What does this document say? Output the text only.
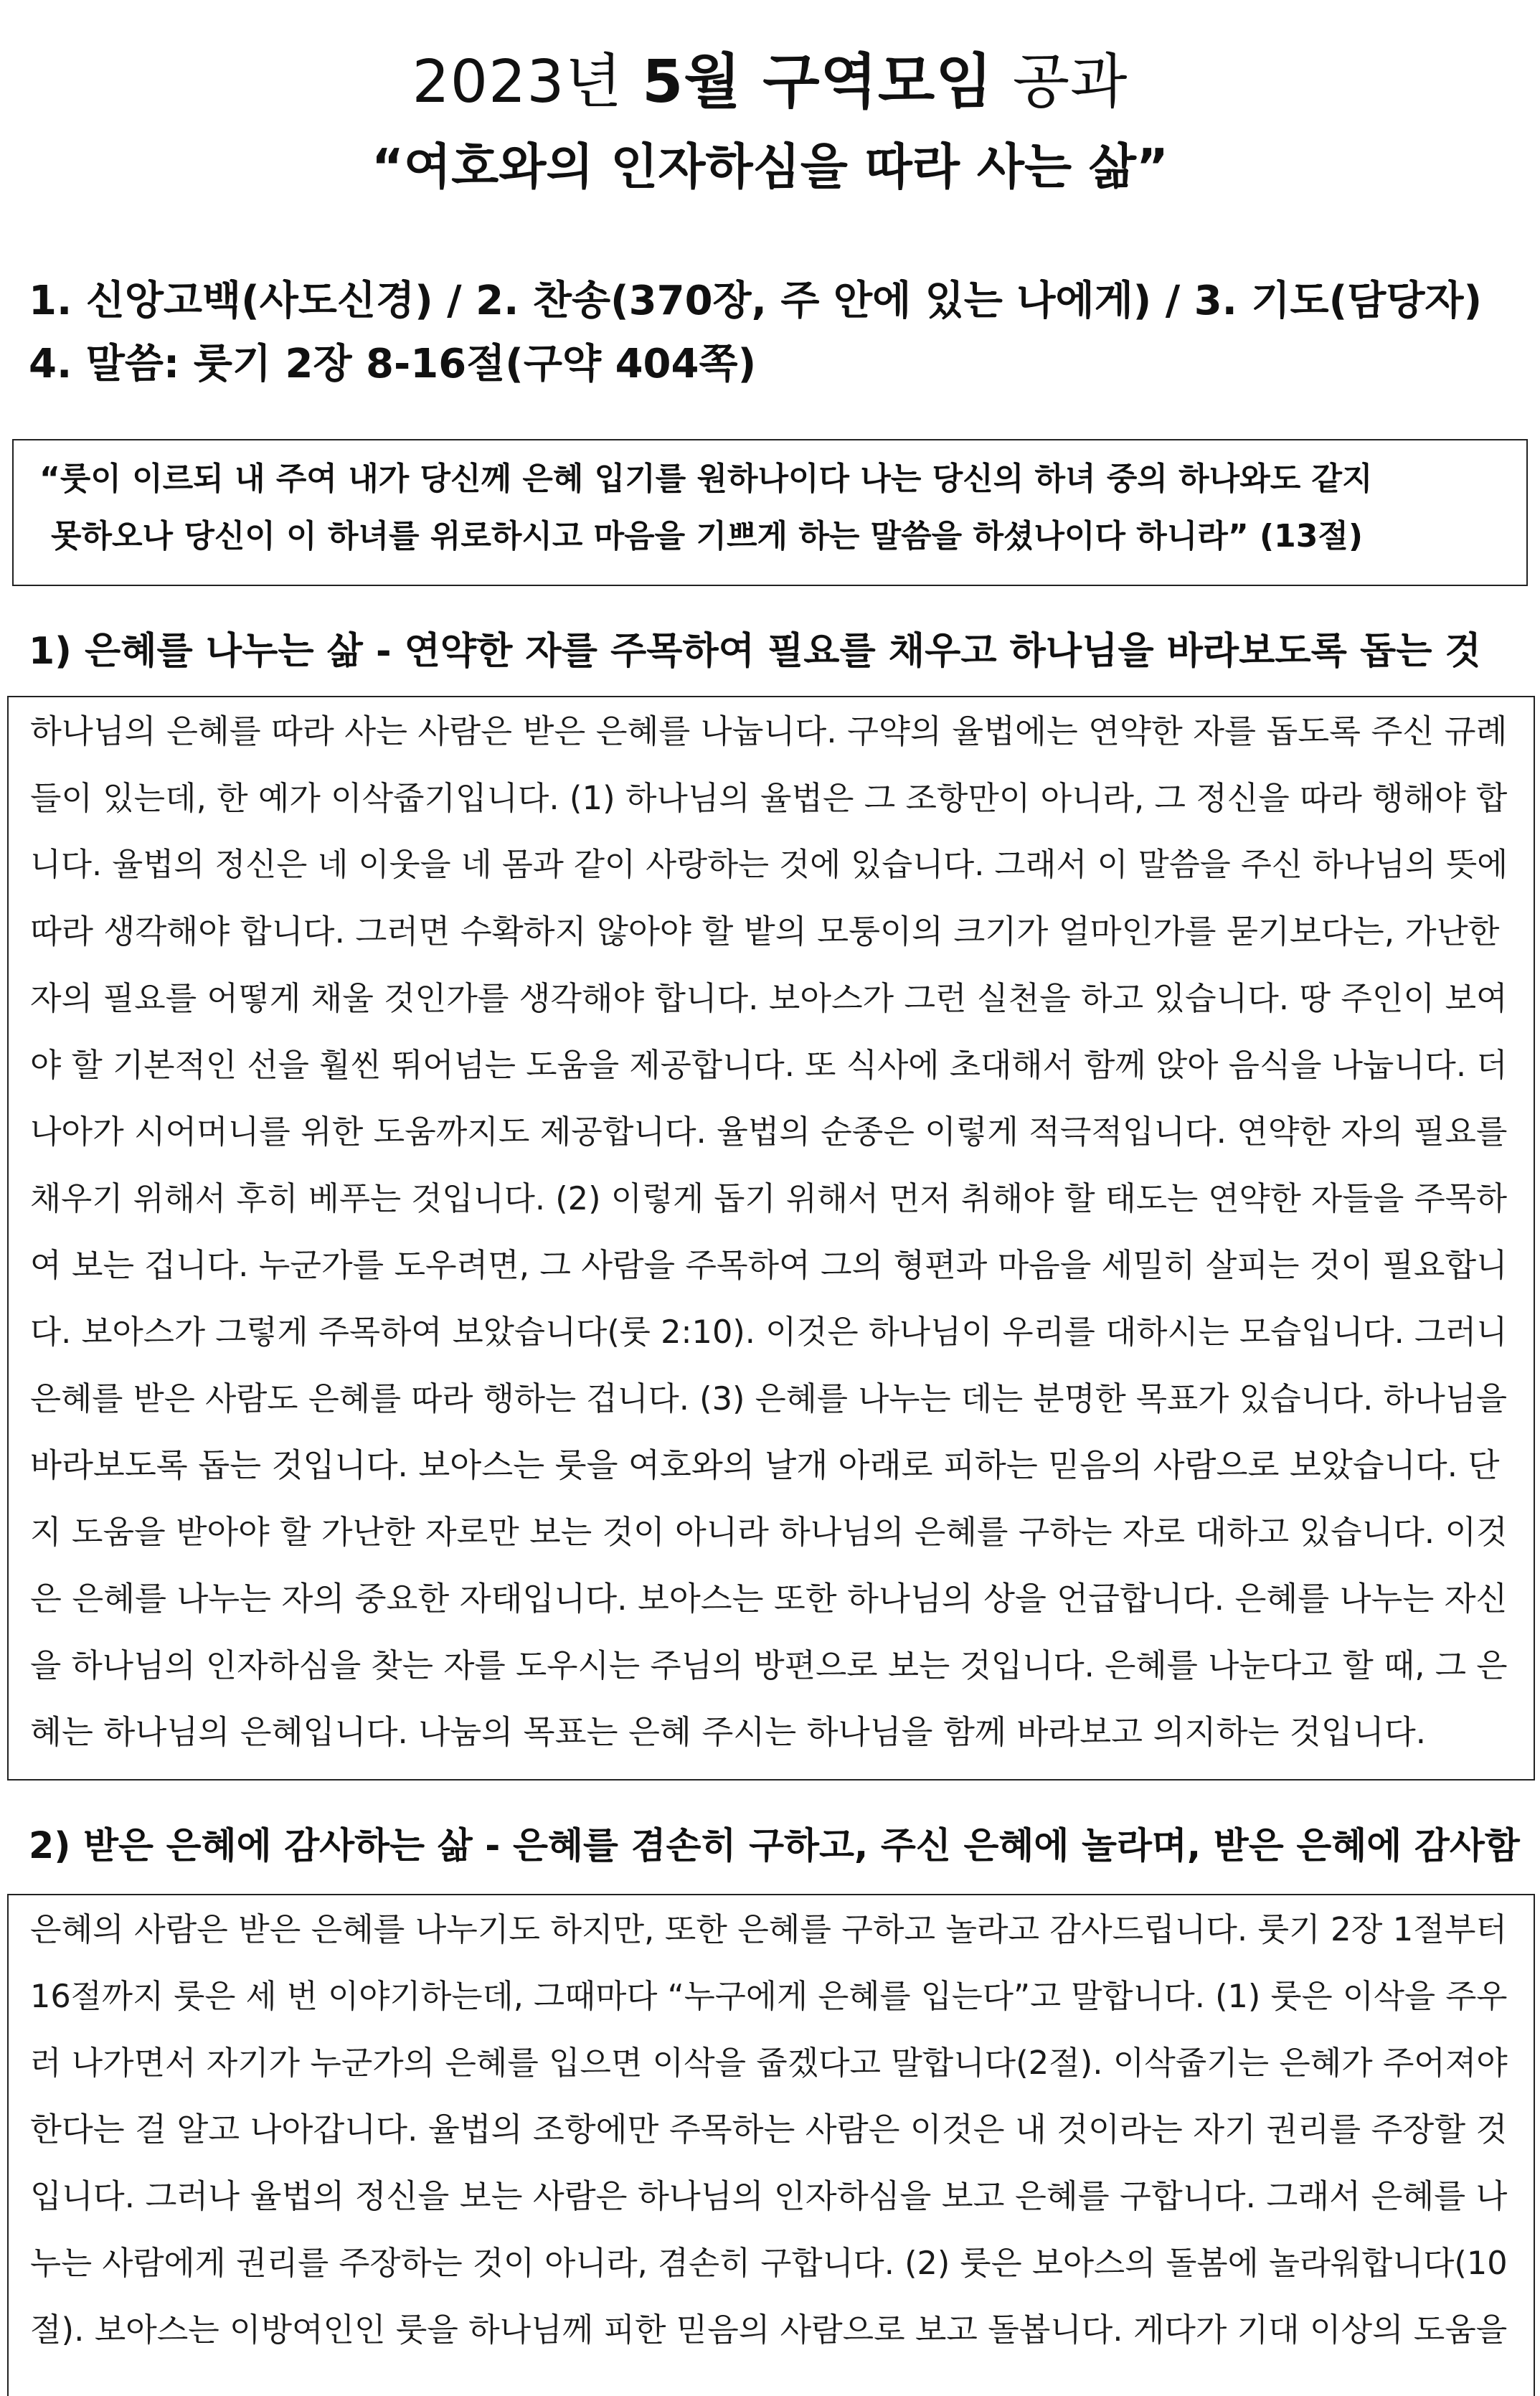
2023년 5월 구역모임 공과
“여호와의 인자하심을 따라 사는 삶”
1. 신앙고백(사도신경) / 2. 찬송(370장, 주 안에 있는 나에게) / 3. 기도(담당자)
4. 말씀: 룻기 2장 8-16절(구약 404쪽)
“룻이 이르되 내 주여 내가 당신께 은혜 입기를 원하나이다 나는 당신의 하녀 중의 하나와도 같지
못하오나 당신이 이 하녀를 위로하시고 마음을 기쁘게 하는 말씀을 하셨나이다 하니라” (13절)
1) 은혜를 나누는 삶 - 연약한 자를 주목하여 필요를 채우고 하나님을 바라보도록 돕는 것
하나님의 은혜를 따라 사는 사람은 받은 은혜를 나눕니다. 구약의 율법에는 연약한 자를 돕도록 주신 규례
들이 있는데, 한 예가 이삭줍기입니다. (1) 하나님의 율법은 그 조항만이 아니라, 그 정신을 따라 행해야 합
니다. 율법의 정신은 네 이웃을 네 몸과 같이 사랑하는 것에 있습니다. 그래서 이 말씀을 주신 하나님의 뜻에
따라 생각해야 합니다. 그러면 수확하지 않아야 할 밭의 모퉁이의 크기가 얼마인가를 묻기보다는, 가난한
자의 필요를 어떻게 채울 것인가를 생각해야 합니다. 보아스가 그런 실천을 하고 있습니다. 땅 주인이 보여
야 할 기본적인 선을 훨씬 뛰어넘는 도움을 제공합니다. 또 식사에 초대해서 함께 앉아 음식을 나눕니다. 더
나아가 시어머니를 위한 도움까지도 제공합니다. 율법의 순종은 이렇게 적극적입니다. 연약한 자의 필요를
채우기 위해서 후히 베푸는 것입니다. (2) 이렇게 돕기 위해서 먼저 취해야 할 태도는 연약한 자들을 주목하
여 보는 겁니다. 누군가를 도우려면, 그 사람을 주목하여 그의 형편과 마음을 세밀히 살피는 것이 필요합니
다. 보아스가 그렇게 주목하여 보았습니다(룻 2:10). 이것은 하나님이 우리를 대하시는 모습입니다. 그러니
은혜를 받은 사람도 은혜를 따라 행하는 겁니다. (3) 은혜를 나누는 데는 분명한 목표가 있습니다. 하나님을
바라보도록 돕는 것입니다. 보아스는 룻을 여호와의 날개 아래로 피하는 믿음의 사람으로 보았습니다. 단
지 도움을 받아야 할 가난한 자로만 보는 것이 아니라 하나님의 은혜를 구하는 자로 대하고 있습니다. 이것
은 은혜를 나누는 자의 중요한 자태입니다. 보아스는 또한 하나님의 상을 언급합니다. 은혜를 나누는 자신
을 하나님의 인자하심을 찾는 자를 도우시는 주님의 방편으로 보는 것입니다. 은혜를 나눈다고 할 때, 그 은
혜는 하나님의 은혜입니다. 나눔의 목표는 은혜 주시는 하나님을 함께 바라보고 의지하는 것입니다.
2) 받은 은혜에 감사하는 삶 - 은혜를 겸손히 구하고, 주신 은혜에 놀라며, 받은 은혜에 감사함
은혜의 사람은 받은 은혜를 나누기도 하지만, 또한 은혜를 구하고 놀라고 감사드립니다. 룻기 2장 1절부터
16절까지 룻은 세 번 이야기하는데, 그때마다 “누구에게 은혜를 입는다”고 말합니다. (1) 룻은 이삭을 주우
러 나가면서 자기가 누군가의 은혜를 입으면 이삭을 줍겠다고 말합니다(2절). 이삭줍기는 은혜가 주어져야
한다는 걸 알고 나아갑니다. 율법의 조항에만 주목하는 사람은 이것은 내 것이라는 자기 권리를 주장할 것
입니다. 그러나 율법의 정신을 보는 사람은 하나님의 인자하심을 보고 은혜를 구합니다. 그래서 은혜를 나
누는 사람에게 권리를 주장하는 것이 아니라, 겸손히 구합니다. (2) 룻은 보아스의 돌봄에 놀라워합니다(10
절). 보아스는 이방여인인 룻을 하나님께 피한 믿음의 사람으로 보고 돌봅니다. 게다가 기대 이상의 도움을
